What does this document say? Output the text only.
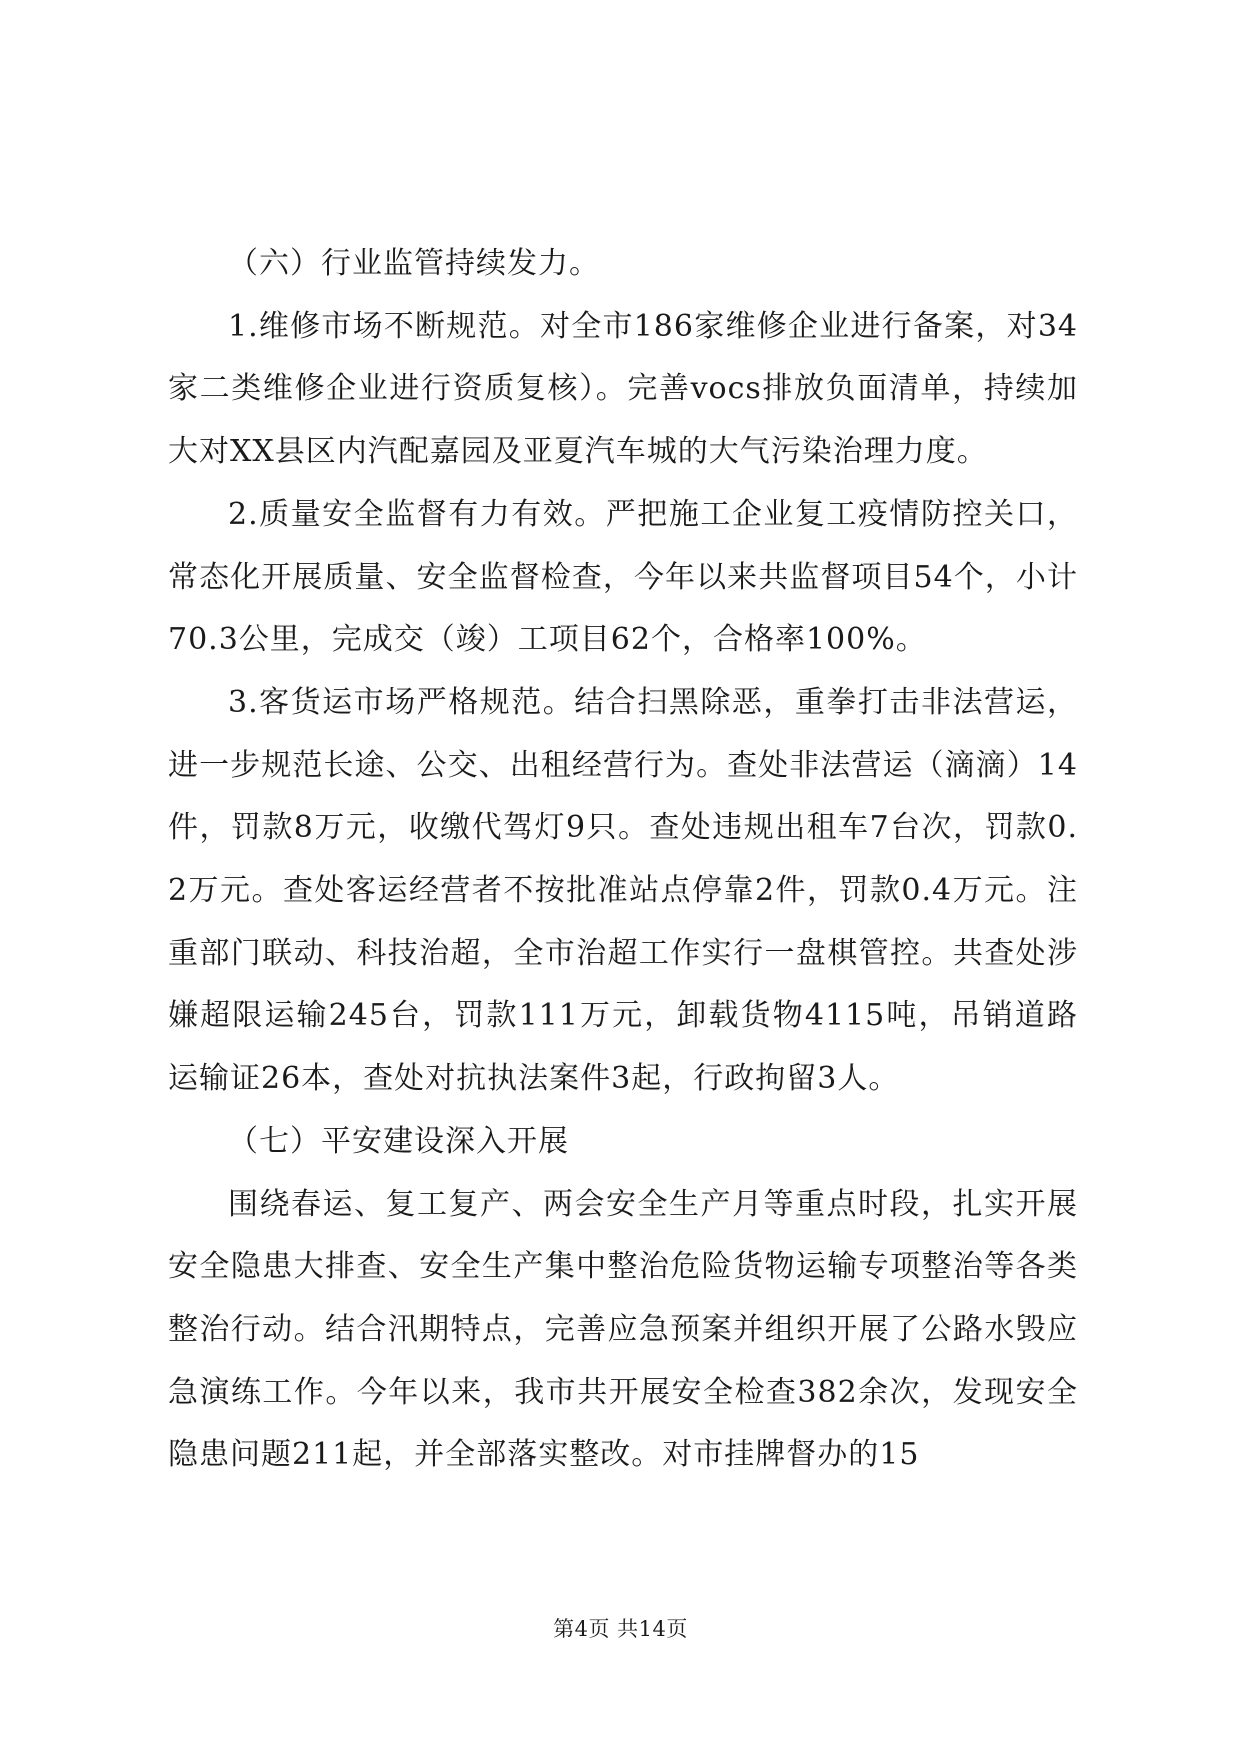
（六）行业监管持续发力。

1.维修市场不断规范。对全市186家维修企业进行备案，对34家二类维修企业进行资质复核）。完善vocs排放负面清单，持续加大对XX县区内汽配嘉园及亚夏汽车城的大气污染治理力度。

2.质量安全监督有力有效。严把施工企业复工疫情防控关口，常态化开展质量、安全监督检查，今年以来共监督项目54个，小计70.3公里，完成交（竣）工项目62个，合格率100%。

3.客货运市场严格规范。结合扫黑除恶，重拳打击非法营运，进一步规范长途、公交、出租经营行为。查处非法营运（滴滴）14件，罚款8万元，收缴代驾灯9只。查处违规出租车7台次，罚款0.2万元。查处客运经营者不按批准站点停靠2件，罚款0.4万元。注重部门联动、科技治超，全市治超工作实行一盘棋管控。共查处涉嫌超限运输245台，罚款111万元，卸载货物4115吨，吊销道路运输证26本，查处对抗执法案件3起，行政拘留3人。

（七）平安建设深入开展

围绕春运、复工复产、两会安全生产月等重点时段，扎实开展安全隐患大排查、安全生产集中整治危险货物运输专项整治等各类整治行动。结合汛期特点，完善应急预案并组织开展了公路水毁应急演练工作。今年以来，我市共开展安全检查382余次，发现安全隐患问题211起，并全部落实整改。对市挂牌督办的15

第4页 共14页
